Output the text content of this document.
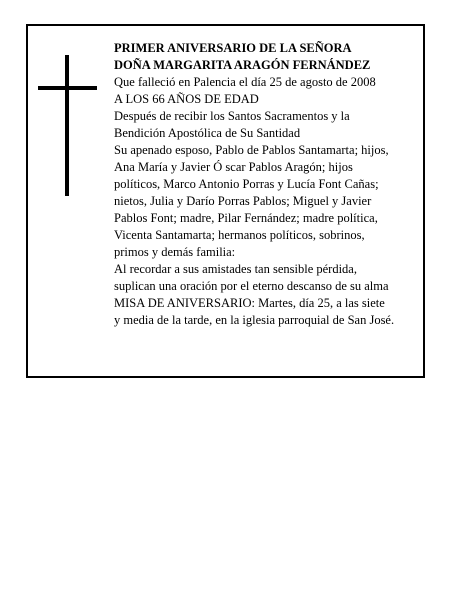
PRIMER ANIVERSARIO DE LA SEÑORA
DOÑA MARGARITA ARAGÓN FERNÁNDEZ
Que falleció en Palencia el día 25 de agosto de 2008
A LOS 66 AÑOS DE EDAD
Después de recibir los Santos Sacramentos y la
Bendición Apostólica de Su Santidad
Su apenado esposo, Pablo de Pablos Santamarta; hijos,
Ana María y Javier Ó scar Pablos Aragón; hijos
políticos, Marco Antonio Porras y Lucía Font Cañas;
nietos, Julia y Darío Porras Pablos; Miguel y Javier
Pablos Font; madre, Pilar Fernández; madre política,
Vicenta Santamarta; hermanos políticos, sobrinos,
primos y demás familia:
Al recordar a sus amistades tan sensible pérdida,
suplican una oración por el eterno descanso de su alma
MISA DE ANIVERSARIO: Martes, día 25, a las siete
y media de la tarde, en la iglesia parroquial de San José.
